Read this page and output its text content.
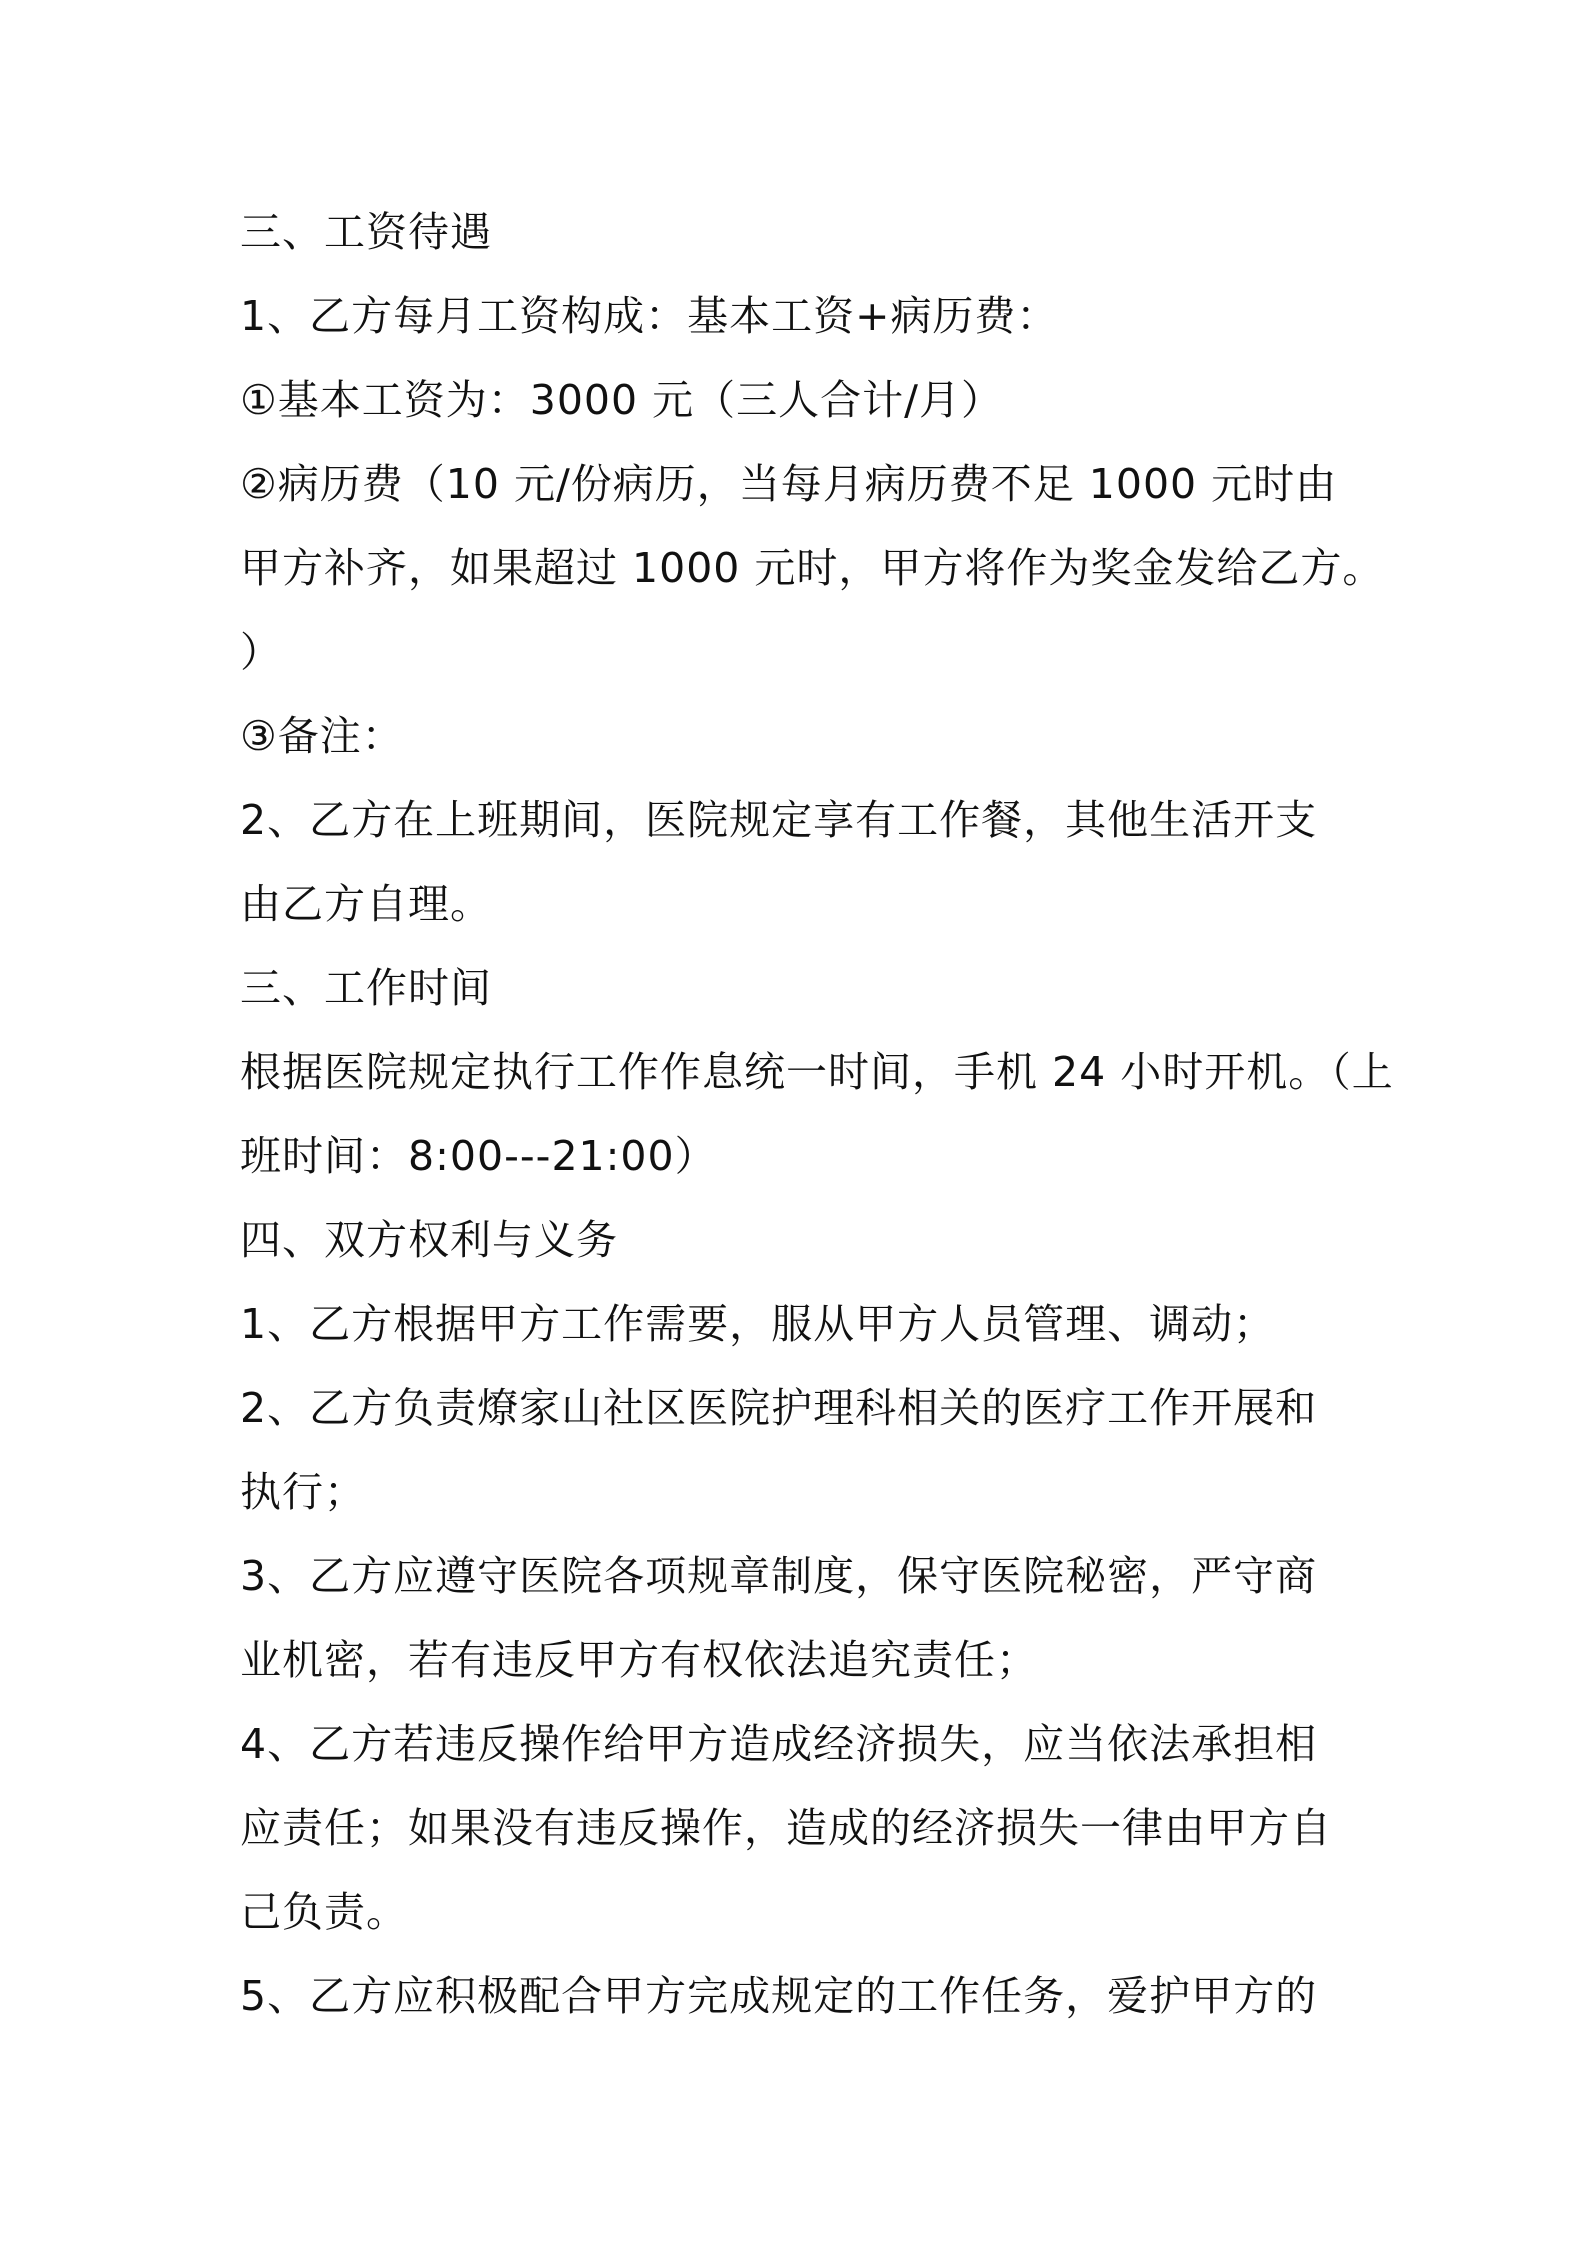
三、工资待遇
1、乙方每月工资构成：基本工资+病历费：
①基本工资为：3000 元（三人合计/月）
②病历费（10 元/份病历，当每月病历费不足 1000 元时由
甲方补齐，如果超过 1000 元时，甲方将作为奖金发给乙方。
）
③备注：
2、乙方在上班期间，医院规定享有工作餐，其他生活开支
由乙方自理。
三、工作时间
根据医院规定执行工作作息统一时间，手机 24 小时开机。（上
班时间：8:00---21:00）
四、双方权利与义务
1、乙方根据甲方工作需要，服从甲方人员管理、调动；
2、乙方负责燎家山社区医院护理科相关的医疗工作开展和
执行；
3、乙方应遵守医院各项规章制度，保守医院秘密，严守商
业机密，若有违反甲方有权依法追究责任；
4、乙方若违反操作给甲方造成经济损失，应当依法承担相
应责任；如果没有违反操作，造成的经济损失一律由甲方自
己负责。
5、乙方应积极配合甲方完成规定的工作任务，爱护甲方的
